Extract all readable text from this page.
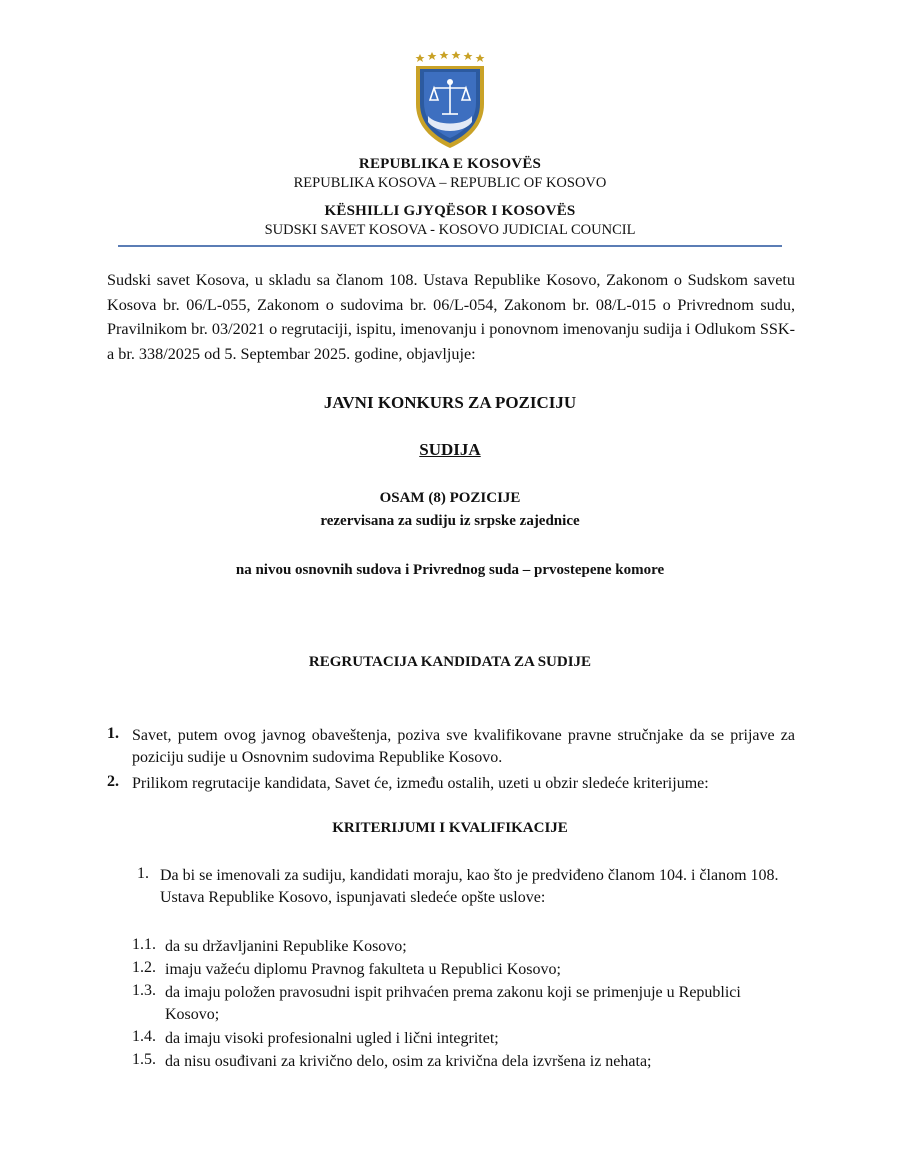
REPUBLIKA E KOSOVËS
REPUBLIKA KOSOVA – REPUBLIC OF KOSOVO
KËSHILLI GJYQËSOR I KOSOVËS
SUDSKI SAVET KOSOVA - KOSOVO JUDICIAL COUNCIL
Sudski savet Kosova, u skladu sa članom 108. Ustava Republike Kosovo, Zakonom o Sudskom savetu Kosova br. 06/L-055, Zakonom o sudovima br. 06/L-054, Zakonom br. 08/L-015 o Privrednom sudu, Pravilnikom br. 03/2021 o regrutaciji, ispitu, imenovanju i ponovnom imenovanju sudija i Odlukom SSK-a br. 338/2025 od 5. Septembar 2025. godine, objavljuje:
JAVNI KONKURS ZA POZICIJU
SUDIJA
OSAM (8) POZICIJE
rezervisana za sudiju iz srpske zajednice
na nivou osnovnih sudova i Privrednog suda – prvostepene komore
REGRUTACIJA KANDIDATA ZA SUDIJE
1. Savet, putem ovog javnog obaveštenja, poziva sve kvalifikovane pravne stručnjake da se prijave za poziciju sudije u Osnovnim sudovima Republike Kosovo.
2. Prilikom regrutacije kandidata, Savet će, između ostalih, uzeti u obzir sledeće kriterijume:
KRITERIJUMI I KVALIFIKACIJE
1. Da bi se imenovali za sudiju, kandidati moraju, kao što je predviđeno članom 104. i članom 108. Ustava Republike Kosovo, ispunjavati sledeće opšte uslove:
1.1. da su državljanini Republike Kosovo;
1.2. imaju važeću diplomu Pravnog fakulteta u Republici Kosovo;
1.3. da imaju položen pravosudni ispit prihvaćen prema zakonu koji se primenjuje u Republici Kosovo;
1.4. da imaju visoki profesionalni ugled i lični integritet;
1.5. da nisu osuđivani za krivično delo, osim za krivična dela izvršena iz nehata;
